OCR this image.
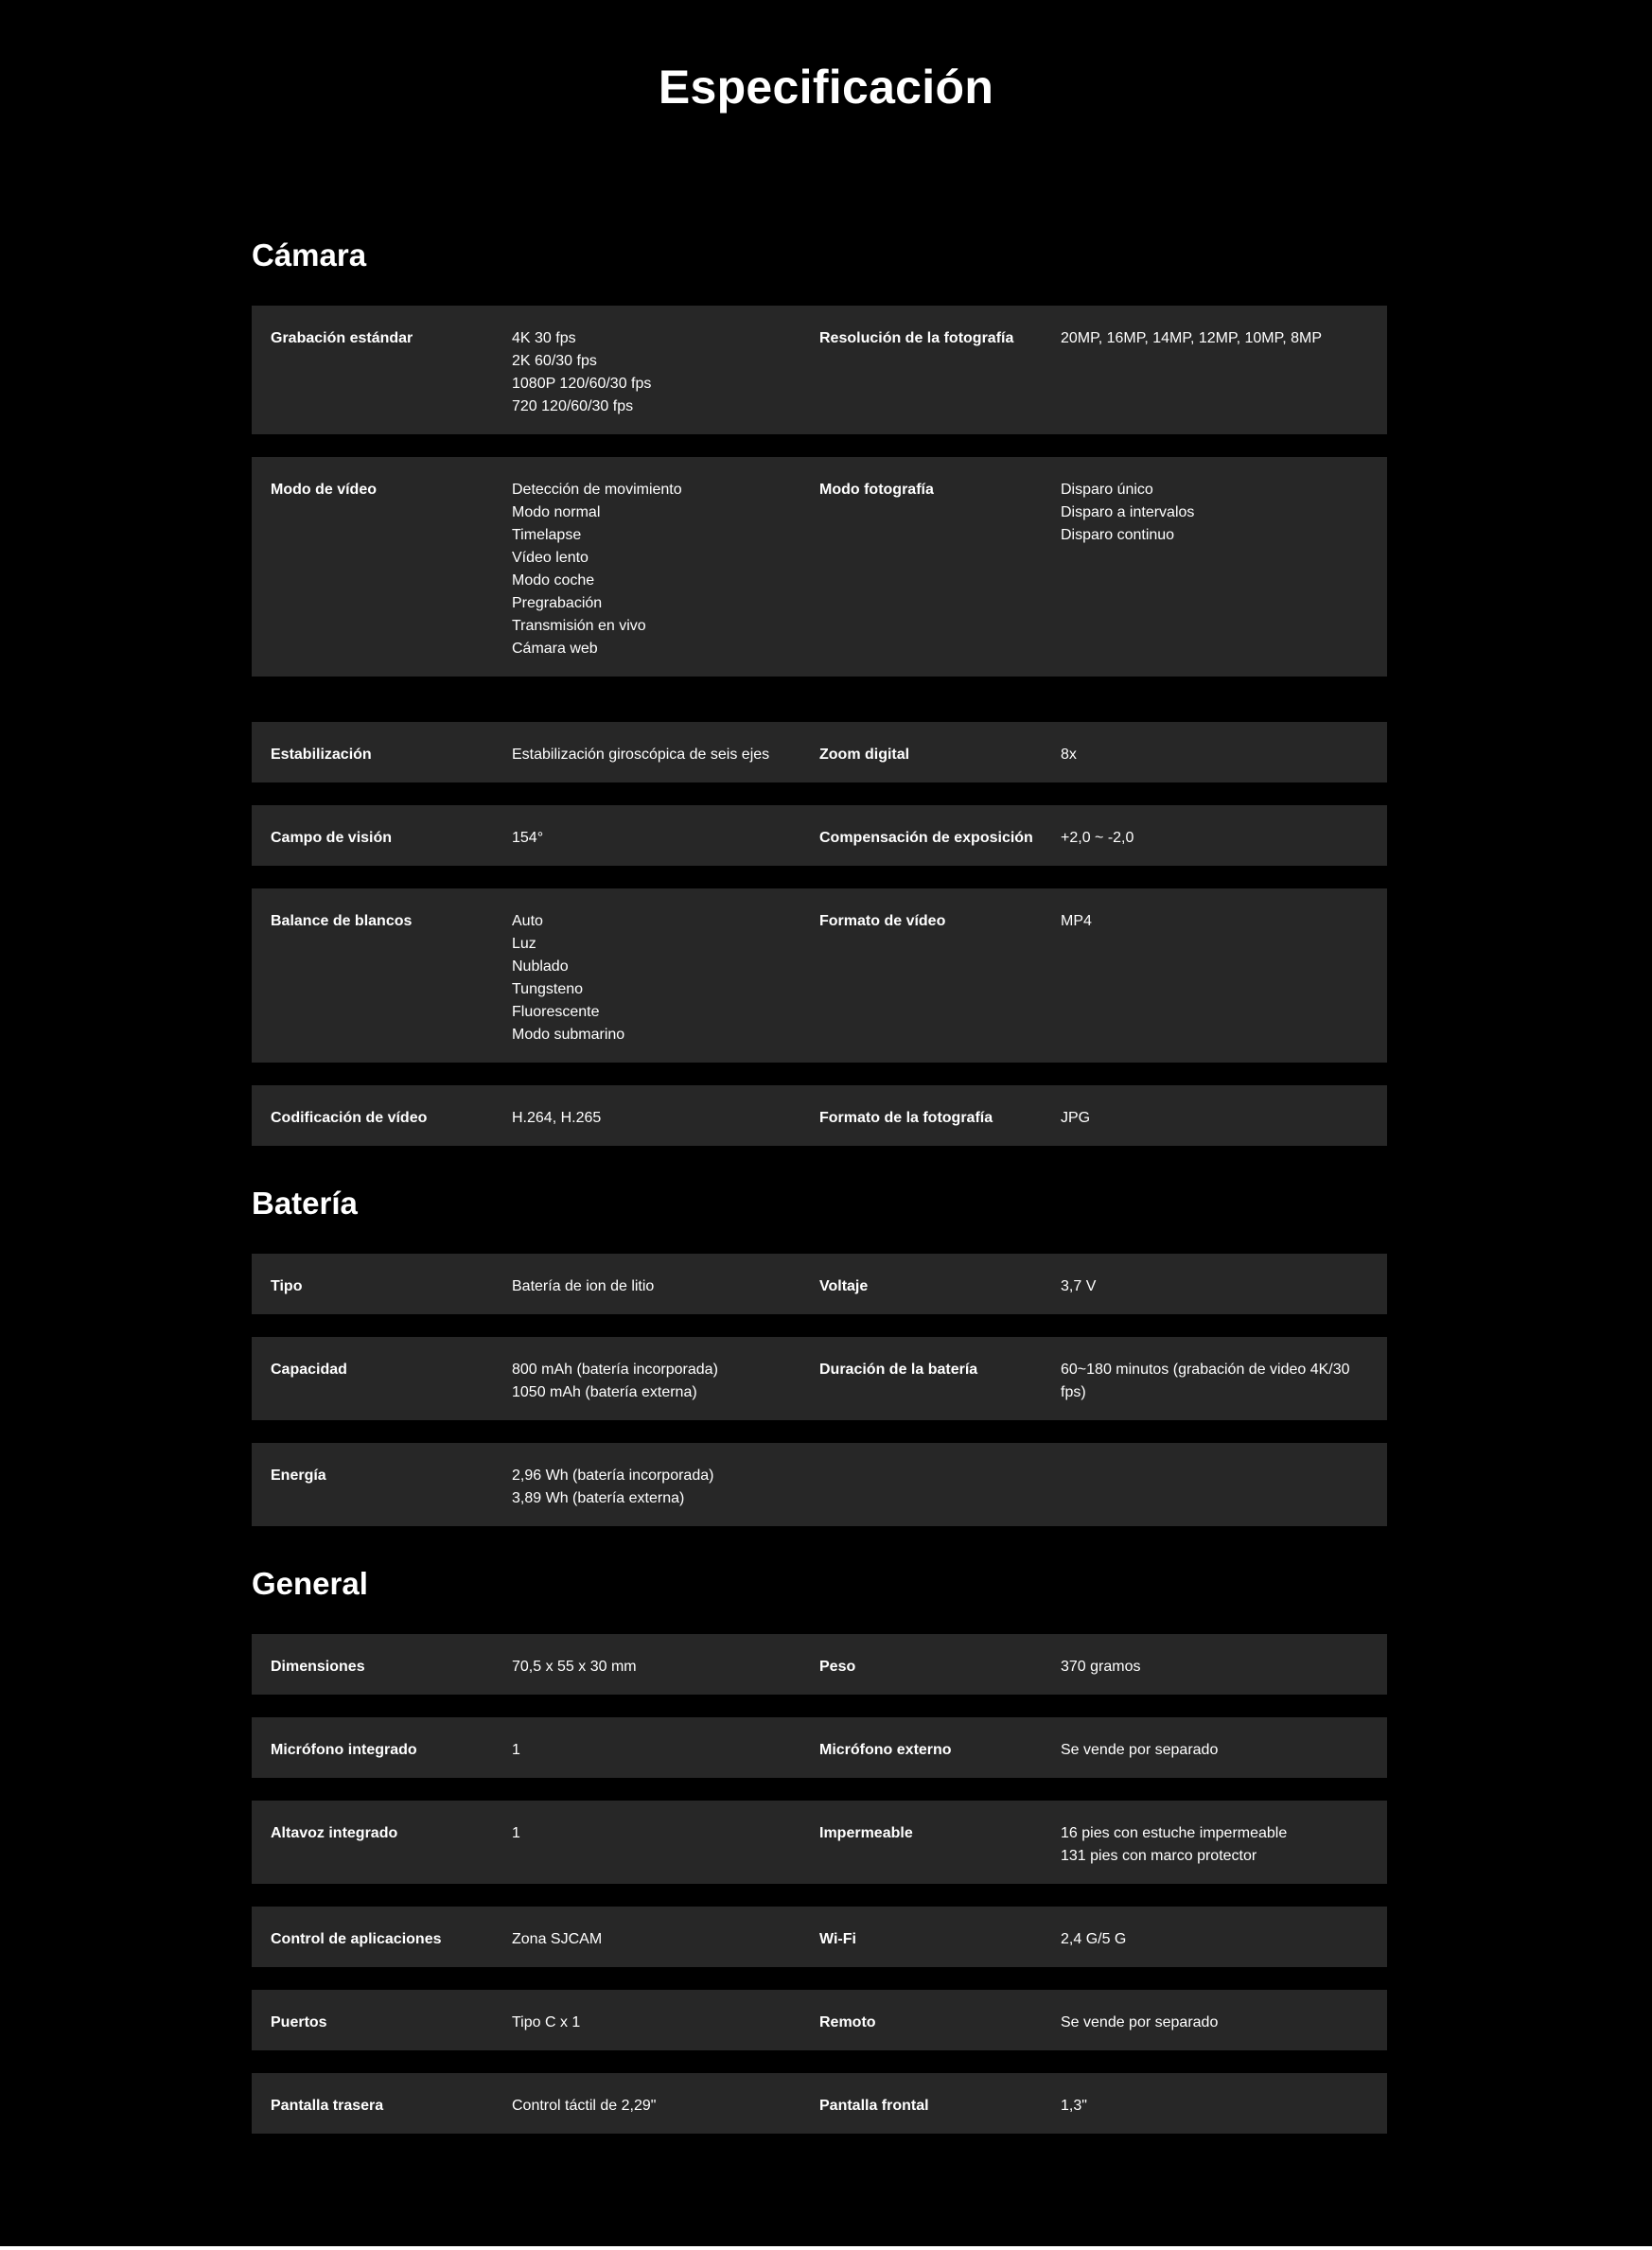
Especificación
Cámara
Grabación estándar	4K 30 fps
2K 60/30 fps
1080P 120/60/30 fps
720 120/60/30 fps
Resolución de la fotografía	20MP, 16MP, 14MP, 12MP, 10MP, 8MP
Modo de vídeo	Detección de movimiento
Modo normal
Timelapse
Vídeo lento
Modo coche
Pregrabación
Transmisión en vivo
Cámara web
Modo fotografía	Disparo único
Disparo a intervalos
Disparo continuo
Estabilización	Estabilización giroscópica de seis ejes	Zoom digital	8x
Campo de visión	154°	Compensación de exposición +2,0 ~ -2,0
Balance de blancos	Auto
Luz
Nublado
Tungsteno
Fluorescente
Modo submarino
Formato de vídeo	MP4
Codificación de vídeo	H.264, H.265	Formato de la fotografía	JPG
Batería
Tipo	Batería de ion de litio	Voltaje	3,7 V
Capacidad	800 mAh (batería incorporada)
1050 mAh (batería externa)
Duración de la batería	60~180 minutos (grabación de video 4K/30
fps)
Energía	2,96 Wh (batería incorporada)
3,89 Wh (batería externa)
General
Dimensiones	70,5 x 55 x 30 mm	Peso	370 gramos
Micrófono integrado	1	Micrófono externo	Se vende por separado
Altavoz integrado	1	Impermeable	16 pies con estuche impermeable
131 pies con marco protector
Control de aplicaciones	Zona SJCAM	Wi-Fi	2,4 G/5 G
Puertos	Tipo C x 1	Remoto	Se vende por separado
Pantalla trasera	Control táctil de 2,29"	Pantalla frontal	1,3"
